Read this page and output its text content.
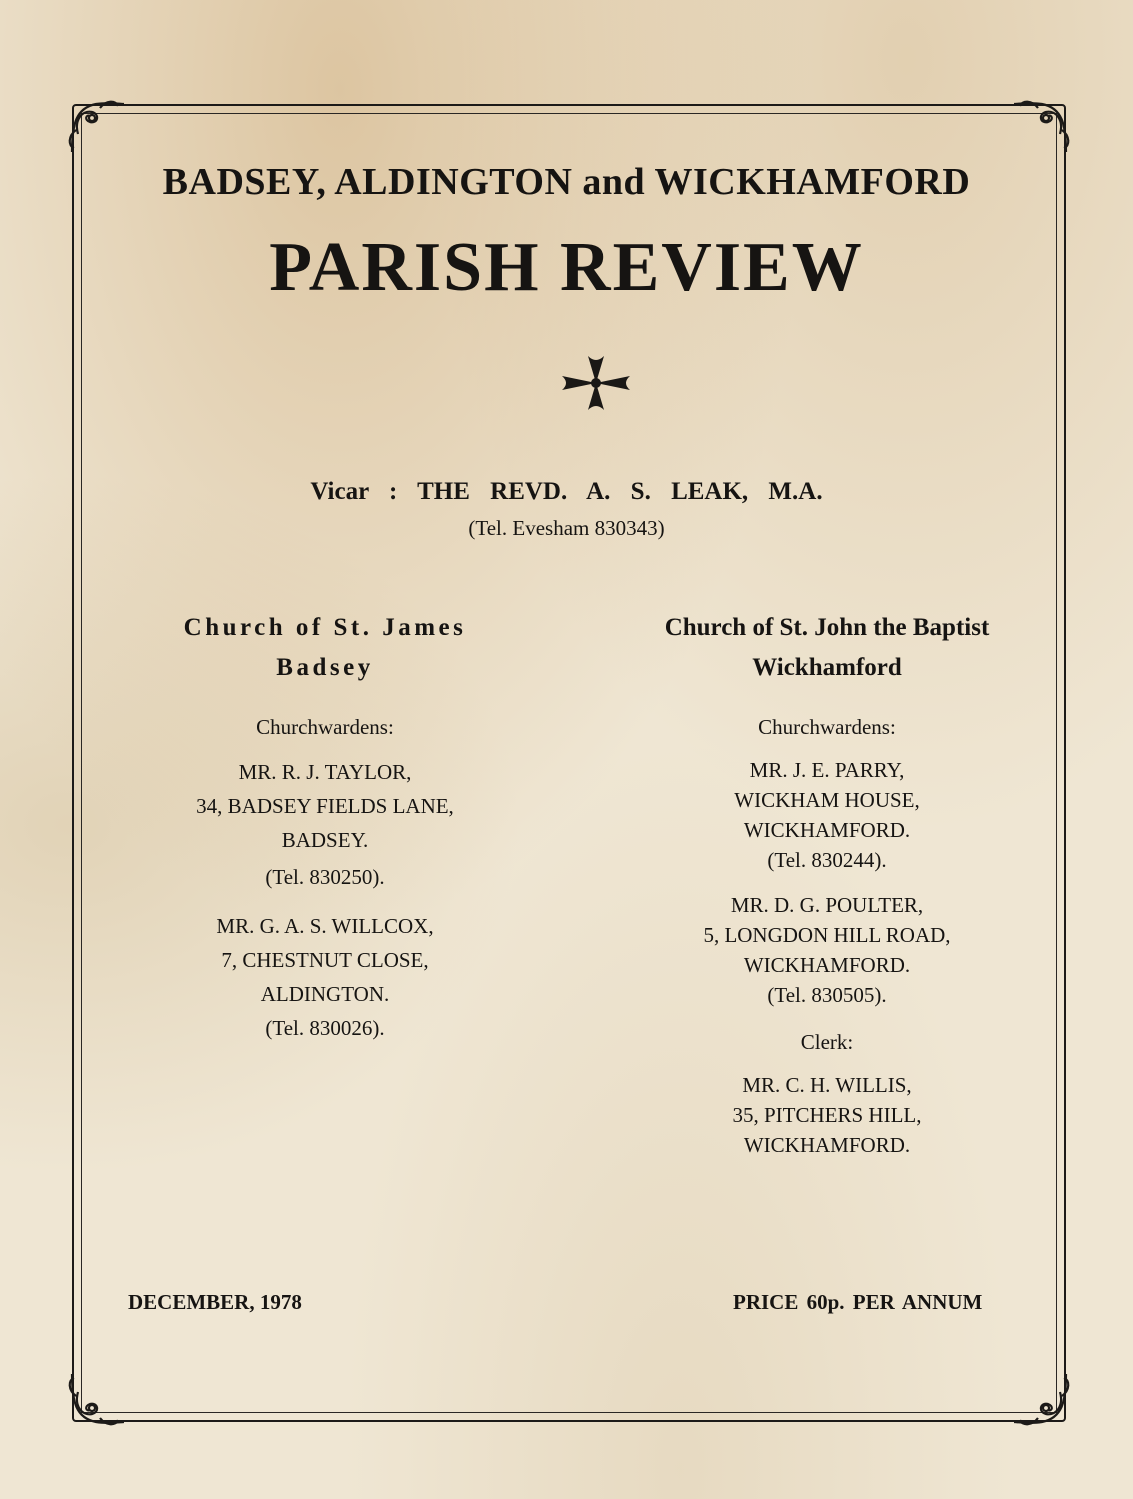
BADSEY, ALDINGTON and WICKHAMFORD
PARISH REVIEW
Vicar : THE REVD. A. S. LEAK, M.A.
(Tel. Evesham 830343)
Church of St. James
Badsey
Churchwardens:
MR. R. J. TAYLOR,
34, BADSEY FIELDS LANE,
BADSEY.
(Tel. 830250).
MR. G. A. S. WILLCOX,
7, CHESTNUT CLOSE,
ALDINGTON.
(Tel. 830026).
Church of St. John the Baptist
Wickhamford
Churchwardens:
MR. J. E. PARRY,
WICKHAM HOUSE,
WICKHAMFORD.
(Tel. 830244).
MR. D. G. POULTER,
5, LONGDON HILL ROAD,
WICKHAMFORD.
(Tel. 830505).
Clerk:
MR. C. H. WILLIS,
35, PITCHERS HILL,
WICKHAMFORD.
DECEMBER, 1978	PRICE 60p. PER ANNUM
